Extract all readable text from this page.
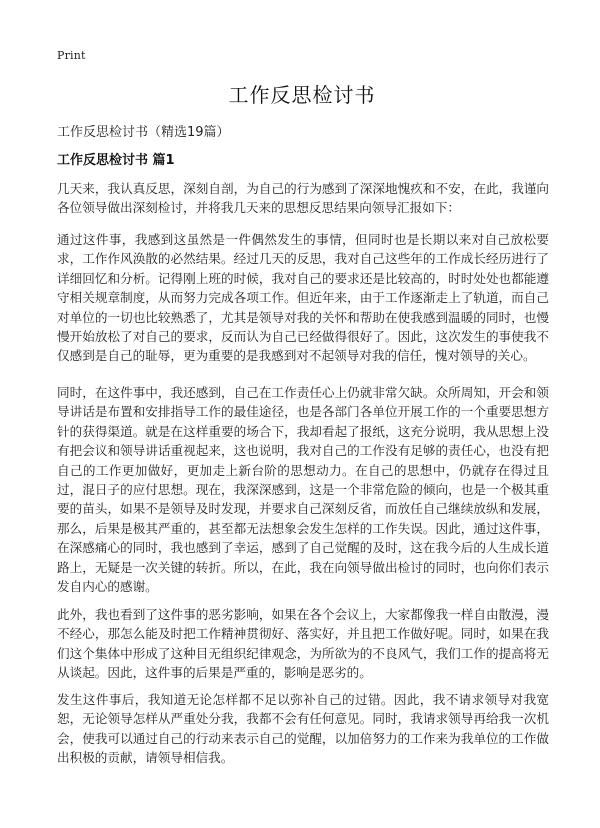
Print
工作反思检讨书
工作反思检讨书（精选19篇）
工作反思检讨书 篇1

几天来，我认真反思，深刻自剖，为自己的行为感到了深深地愧疚和不安，在此，我谨向各位领导做出深刻检讨，并将我几天来的思想反思结果向领导汇报如下：

通过这件事，我感到这虽然是一件偶然发生的事情，但同时也是长期以来对自己放松要求，工作作风涣散的必然结果。经过几天的反思，我对自己这些年的工作成长经历进行了详细回忆和分析。记得刚上班的时候，我对自己的要求还是比较高的，时时处处也都能遵守相关规章制度，从而努力完成各项工作。但近年来，由于工作逐渐走上了轨道，而自己对单位的一切也比较熟悉了，尤其是领导对我的关怀和帮助在使我感到温暖的同时，也慢慢开始放松了对自己的要求，反而认为自己已经做得很好了。因此，这次发生的事使我不仅感到是自己的耻辱，更为重要的是我感到对不起领导对我的信任，愧对领导的关心。

同时，在这件事中，我还感到，自己在工作责任心上仍就非常欠缺。众所周知，开会和领导讲话是布置和安排指导工作的最佳途径，也是各部门各单位开展工作的一个重要思想方针的获得渠道。就是在这样重要的场合下，我却看起了报纸，这充分说明，我从思想上没有把会议和领导讲话重视起来，这也说明，我对自己的工作没有足够的责任心，也没有把自己的工作更加做好，更加走上新台阶的思想动力。在自己的思想中，仍就存在得过且过，混日子的应付思想。现在，我深深感到，这是一个非常危险的倾向，也是一个极其重要的苗头，如果不是领导及时发现，并要求自己深刻反省，而放任自己继续放纵和发展，那么，后果是极其严重的，甚至都无法想象会发生怎样的工作失误。因此，通过这件事，在深感痛心的同时，我也感到了幸运，感到了自己觉醒的及时，这在我今后的人生成长道路上，无疑是一次关键的转折。所以，在此，我在向领导做出检讨的同时，也向你们表示发自内心的感谢。

此外，我也看到了这件事的恶劣影响，如果在各个会议上，大家都像我一样自由散漫，漫不经心，那怎么能及时把工作精神贯彻好、落实好，并且把工作做好呢。同时，如果在我们这个集体中形成了这种目无组织纪律观念，为所欲为的不良风气，我们工作的提高将无从谈起。因此，这件事的后果是严重的，影响是恶劣的。

发生这件事后，我知道无论怎样都不足以弥补自己的过错。因此，我不请求领导对我宽恕，无论领导怎样从严重处分我，我都不会有任何意见。同时，我请求领导再给我一次机会，使我可以通过自己的行动来表示自己的觉醒，以加倍努力的工作来为我单位的工作做出积极的贡献，请领导相信我。
